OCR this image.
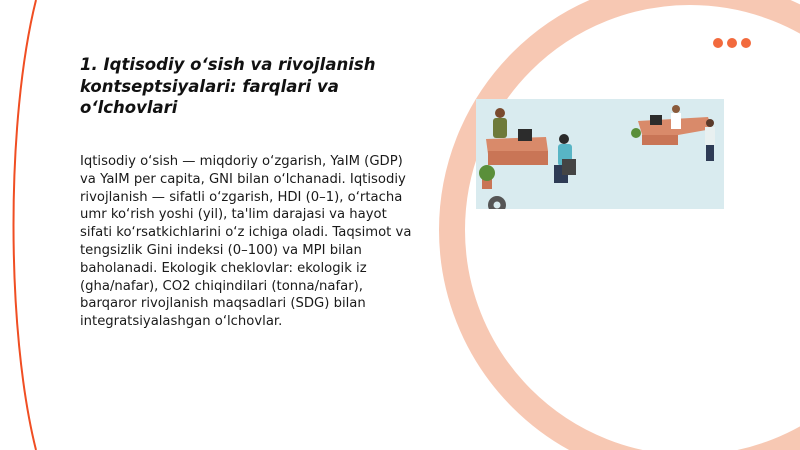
1. Iqtisodiy o‘sish va rivojlanish kontseptsiyalari: farqlari va o‘lchovlari
Iqtisodiy o‘sish — miqdoriy o‘zgarish, YaIM (GDP) va YaIM per capita, GNI bilan o‘lchanadi. Iqtisodiy rivojlanish — sifatli o‘zgarish, HDI (0–1), o‘rtacha umr ko‘rish yoshi (yil), ta'lim darajasi va hayot sifati ko‘rsatkichlarini o‘z ichiga oladi. Taqsimot va tengsizlik Gini indeksi (0–100) va MPI bilan baholanadi. Ekologik cheklovlar: ekologik iz (gha/nafar), CO2 chiqindilari (tonna/nafar), barqaror rivojlanish maqsadlari (SDG) bilan integratsiyalashgan o‘lchovlar.
